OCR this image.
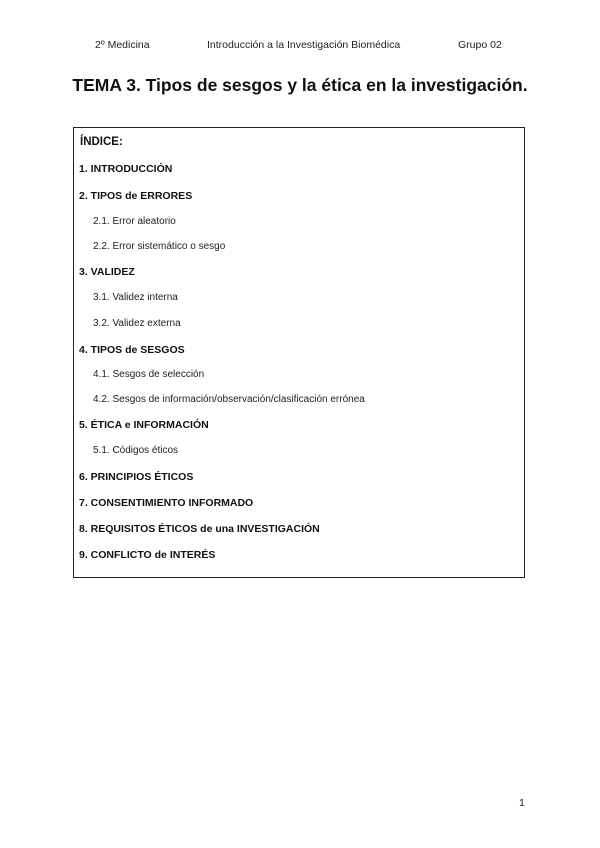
2º Medicina	Introducción a la Investigación Biomédica	Grupo 02
TEMA 3. Tipos de sesgos y la ética en la investigación.
ÍNDICE:
1. INTRODUCCIÓN
2. TIPOS de ERRORES
2.1. Error aleatorio
2.2. Error sistemático o sesgo
3. VALIDEZ
3.1. Validez interna
3.2. Validez externa
4. TIPOS de SESGOS
4.1. Sesgos de selección
4.2. Sesgos de información/observación/clasificación errónea
5. ÉTICA e INFORMACIÓN
5.1. Códigos éticos
6. PRINCIPIOS ÉTICOS
7. CONSENTIMIENTO INFORMADO
8. REQUISITOS ÉTICOS de una INVESTIGACIÓN
9. CONFLICTO de INTERÉS
1
